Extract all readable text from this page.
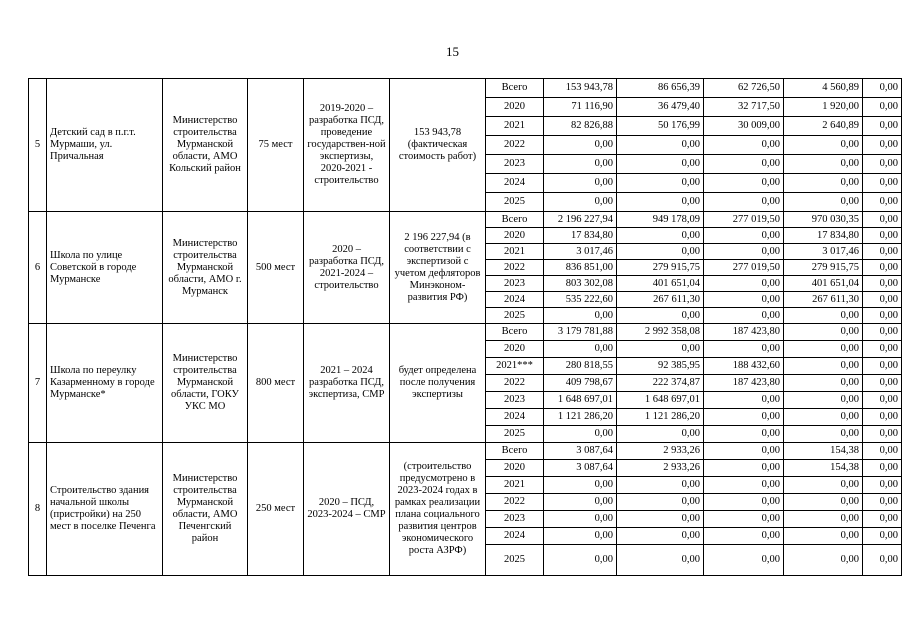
15
5	Детский сад в п.г.т. Мурмаши, ул. Причальная	Министерство строительства Мурманской области, АМО Кольский район	75 мест	2019-2020 – разработка ПСД, проведение государствен-ной экспертизы, 2020-2021 - строительство	153 943,78 (фактическая стоимость работ)	Всего	153 943,78	86 656,39	62 726,50	4 560,89	0,00
						2020	71 116,90	36 479,40	32 717,50	1 920,00	0,00
						2021	82 826,88	50 176,99	30 009,00	2 640,89	0,00
						2022	0,00	0,00	0,00	0,00	0,00
						2023	0,00	0,00	0,00	0,00	0,00
						2024	0,00	0,00	0,00	0,00	0,00
						2025	0,00	0,00	0,00	0,00	0,00
6	Школа по улице Советской в городе Мурманске	Министерство строительства Мурманской области, АМО г. Мурманск	500 мест	2020 – разработка ПСД, 2021-2024 – строительство	2 196 227,94 (в соответствии с экспертизой с учетом дефляторов Минэконом-развития РФ)	Всего	2 196 227,94	949 178,09	277 019,50	970 030,35	0,00
						2020	17 834,80	0,00	0,00	17 834,80	0,00
						2021	3 017,46	0,00	0,00	3 017,46	0,00
						2022	836 851,00	279 915,75	277 019,50	279 915,75	0,00
						2023	803 302,08	401 651,04	0,00	401 651,04	0,00
						2024	535 222,60	267 611,30	0,00	267 611,30	0,00
						2025	0,00	0,00	0,00	0,00	0,00
7	Школа по переулку Казарменному в городе Мурманске*	Министерство строительства Мурманской области, ГОКУ УКС МО	800 мест	2021 – 2024 разработка ПСД, экспертиза, СМР	будет определена после получения экспертизы	Всего	3 179 781,88	2 992 358,08	187 423,80	0,00	0,00
						2020	0,00	0,00	0,00	0,00	0,00
						2021***	280 818,55	92 385,95	188 432,60	0,00	0,00
						2022	409 798,67	222 374,87	187 423,80	0,00	0,00
						2023	1 648 697,01	1 648 697,01	0,00	0,00	0,00
						2024	1 121 286,20	1 121 286,20	0,00	0,00	0,00
						2025	0,00	0,00	0,00	0,00	0,00
8	Строительство здания начальной школы (пристройки) на 250 мест в поселке Печенга	Министерство строительства Мурманской области, АМО Печенгский район	250 мест	2020 – ПСД, 2023-2024 – СМР	(строительство предусмотрено в 2023-2024 годах в рамках реализации плана социального развития центров экономического роста АЗРФ)	Всего	3 087,64	2 933,26	0,00	154,38	0,00
						2020	3 087,64	2 933,26	0,00	154,38	0,00
						2021	0,00	0,00	0,00	0,00	0,00
						2022	0,00	0,00	0,00	0,00	0,00
						2023	0,00	0,00	0,00	0,00	0,00
						2024	0,00	0,00	0,00	0,00	0,00
						2025	0,00	0,00	0,00	0,00	0,00
